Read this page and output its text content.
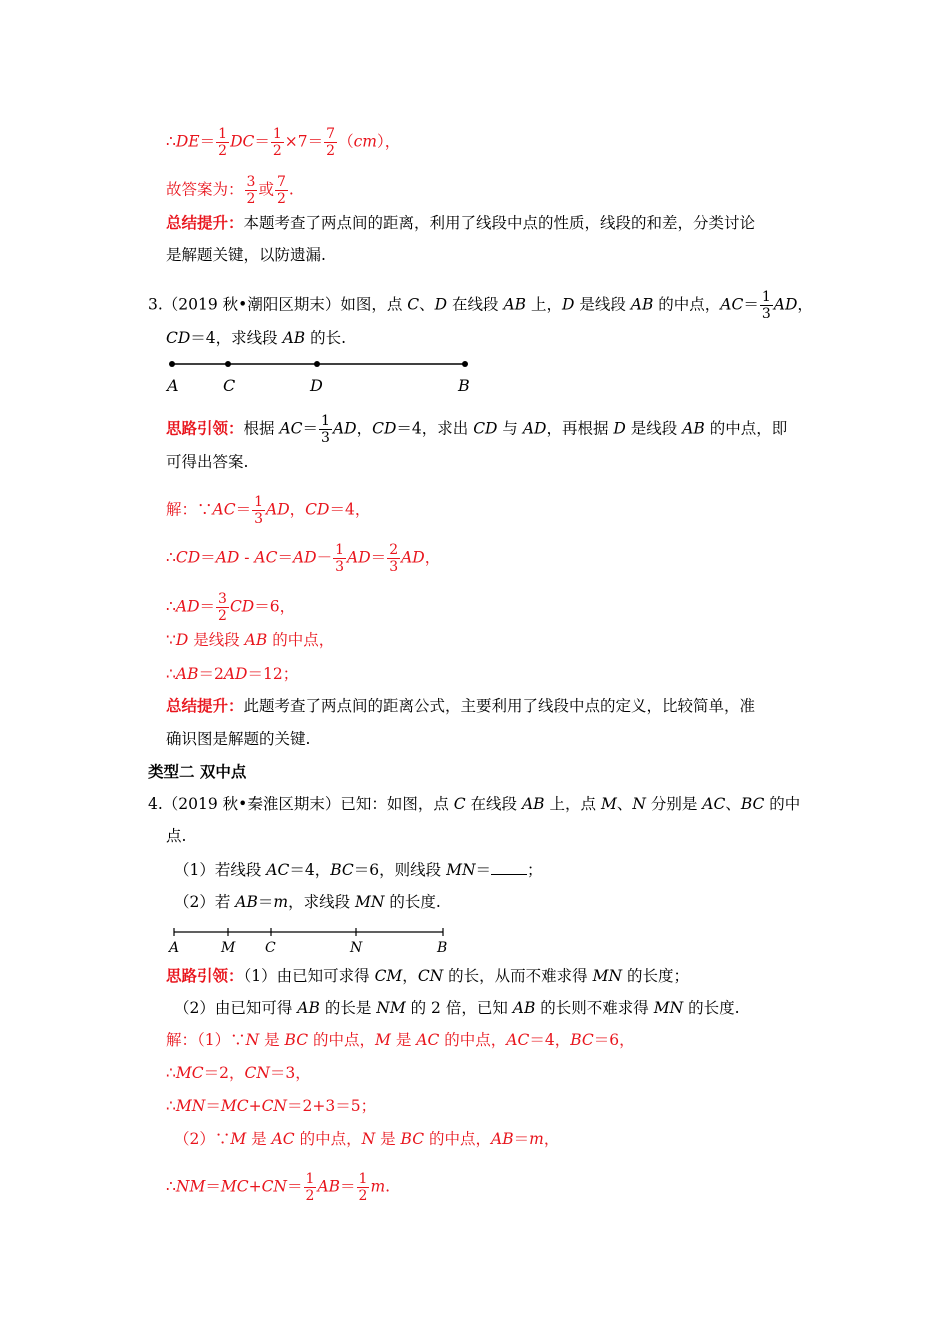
∴DE＝ $\frac{1}{2} DC= \frac{1}{2} \times 7= \frac{7}{2} (cm)$，
故答案为： $\frac{3}{2}$ 或 $\frac{7}{2}$ .
总结提升：本题考查了两点间的距离，利用了线段中点的性质，线段的和差，分类讨论
是解题关键，以防遗漏.
3.（2019 秋•潮阳区期末）如图，点 C、D 在线段 AB 上，D 是线段 AB 的中点，$AC= \frac{1}{3}$ AD，
CD＝4，求线段 AB 的长.
A	C	D	B
思路引领：根据 $AC= \frac{1}{3}$ AD，CD＝4，求出 CD 与 AD，再根据 D 是线段 AB 的中点，即
可得出答案.
解：∵AC＝ $\frac{1}{3}$ AD，CD＝4，
∴CD＝AD - $AC=AD- \frac{1}{3} AD= \frac{2}{3}$ AD，
∴AD＝ $\frac{3}{2} CD=6$，
∵D 是线段 AB 的中点，
∴AB＝2AD＝12；
总结提升：此题考查了两点间的距离公式，主要利用了线段中点的定义，比较简单，准
确识图是解题的关键.
类型二 双中点
4.（2019 秋•秦淮区期末）已知：如图，点 C 在线段 AB 上，点 M、N 分别是 AC、BC 的中
点.
（1）若线段 AC＝4，BC＝6，则线段 MN＝ ；
（2）若 AB＝m，求线段 MN 的长度.
A	M C	N	B
思路引领：（1）由已知可求得 CM，CN 的长，从而不难求得 MN 的长度；
（2）由已知可得 AB 的长是 NM 的 2 倍，已知 AB 的长则不难求得 MN 的长度.
解：（1）∵N 是 BC 的中点，M 是 AC 的中点，AC＝4，BC＝6，
∴MC＝2，CN＝3，
∴MN＝MC+CN＝2+3＝5；
（2）∵M 是 AC 的中点，N 是 BC 的中点，AB＝m，
∴NM＝MC+CN＝ $\frac{1}{2} AB= \frac{1}{2} m$.
